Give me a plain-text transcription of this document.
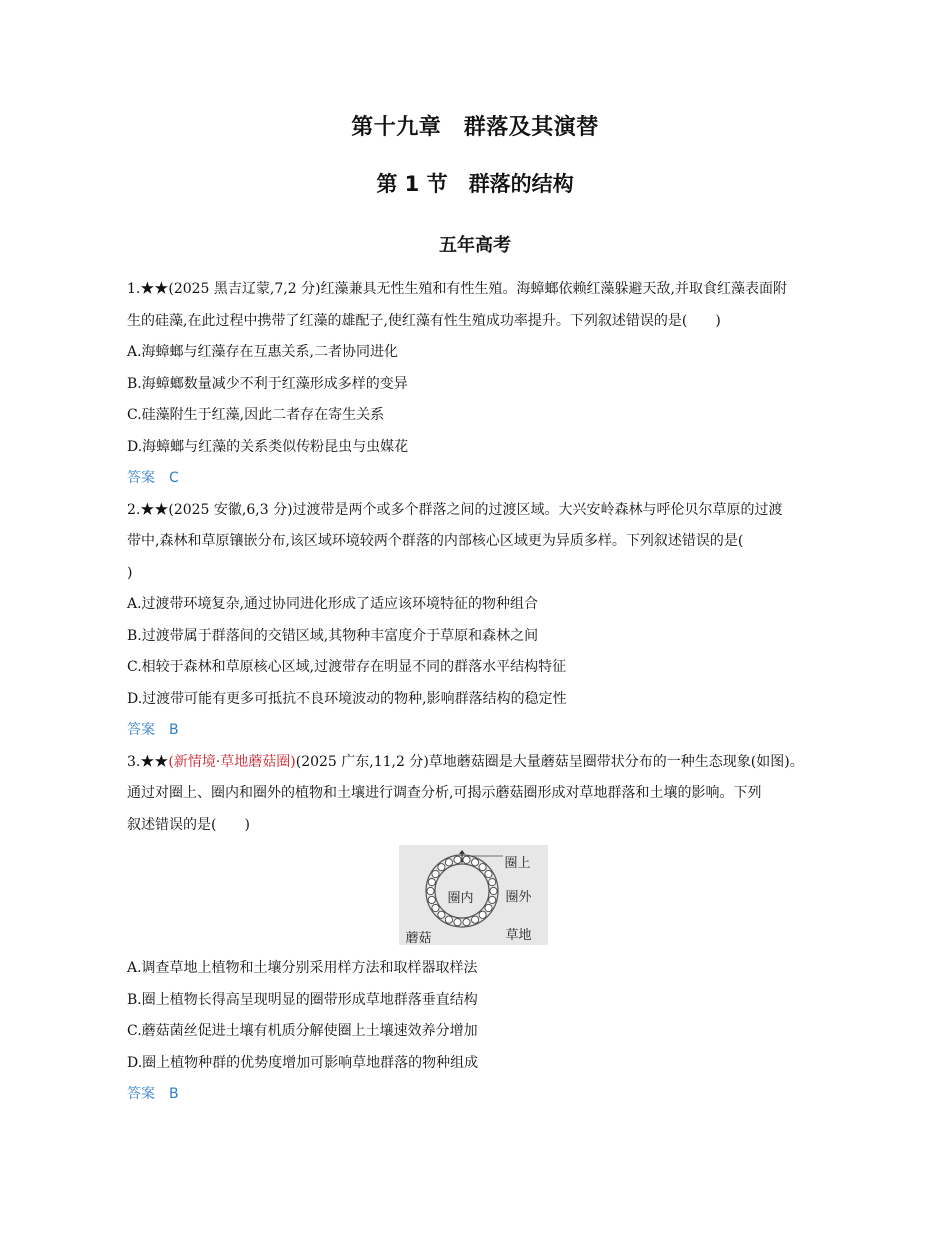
第十九章　群落及其演替
第 1 节　群落的结构
五年高考
1.★★(2025 黑吉辽蒙,7,2 分)红藻兼具无性生殖和有性生殖。海蟑螂依赖红藻躲避天敌,并取食红藻表面附
生的硅藻,在此过程中携带了红藻的雄配子,使红藻有性生殖成功率提升。下列叙述错误的是(　　)
A.海蟑螂与红藻存在互惠关系,二者协同进化
B.海蟑螂数量减少不利于红藻形成多样的变异
C.硅藻附生于红藻,因此二者存在寄生关系
D.海蟑螂与红藻的关系类似传粉昆虫与虫媒花
答案 C
2.★★(2025 安徽,6,3 分)过渡带是两个或多个群落之间的过渡区域。大兴安岭森林与呼伦贝尔草原的过渡
带中,森林和草原镶嵌分布,该区域环境较两个群落的内部核心区域更为异质多样。下列叙述错误的是(
)
A.过渡带环境复杂,通过协同进化形成了适应该环境特征的物种组合
B.过渡带属于群落间的交错区域,其物种丰富度介于草原和森林之间
C.相较于森林和草原核心区域,过渡带存在明显不同的群落水平结构特征
D.过渡带可能有更多可抵抗不良环境波动的物种,影响群落结构的稳定性
答案 B
3.★★(新情境·草地蘑菇圈)(2025 广东,11,2 分)草地蘑菇圈是大量蘑菇呈圈带状分布的一种生态现象(如图)。
通过对圈上、圈内和圈外的植物和土壤进行调查分析,可揭示蘑菇圈形成对草地群落和土壤的影响。下列
叙述错误的是(　　)
圈上
圈内 圈外
蘑菇	草地
A.调查草地上植物和土壤分别采用样方法和取样器取样法
B.圈上植物长得高呈现明显的圈带形成草地群落垂直结构
C.蘑菇菌丝促进土壤有机质分解使圈上土壤速效养分增加
D.圈上植物种群的优势度增加可影响草地群落的物种组成
答案 B
